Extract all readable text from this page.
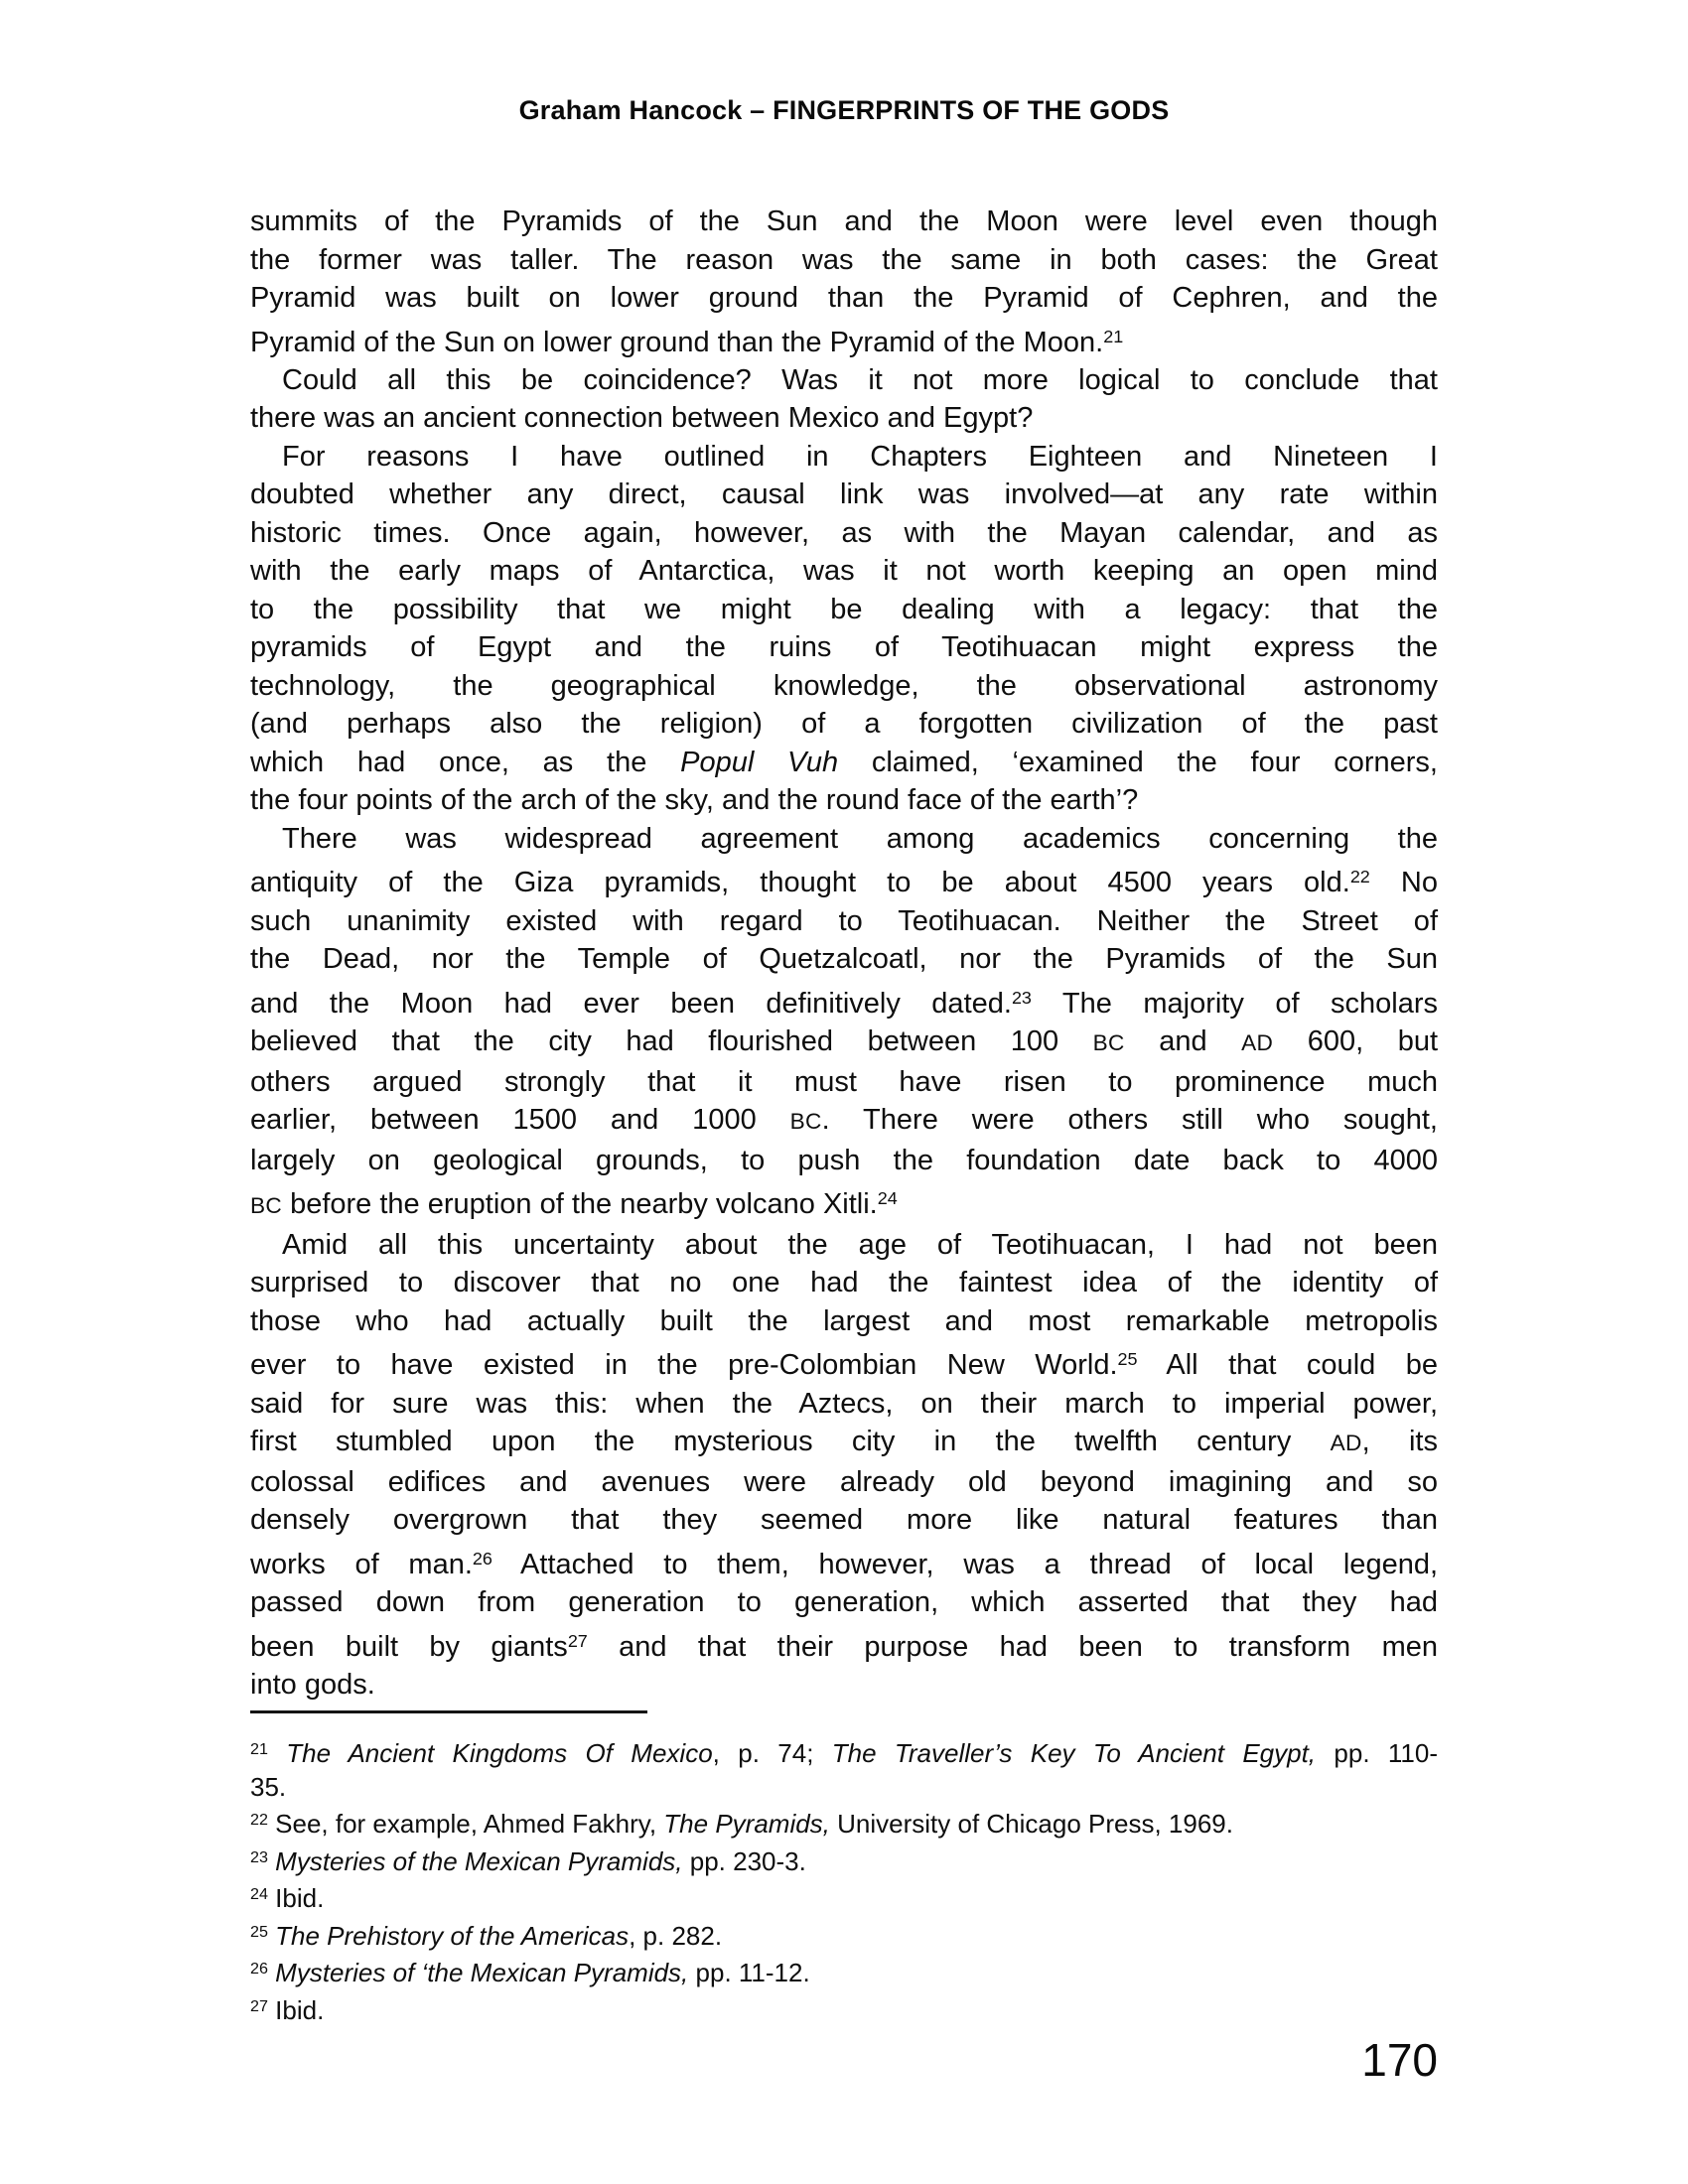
Graham Hancock – FINGERPRINTS OF THE GODS
summits of the Pyramids of the Sun and the Moon were level even though
the former was taller. The reason was the same in both cases: the Great
Pyramid was built on lower ground than the Pyramid of Cephren, and the
Pyramid of the Sun on lower ground than the Pyramid of the Moon.$^{21}$
Could all this be coincidence? Was it not more logical to conclude that
there was an ancient connection between Mexico and Egypt?
For reasons I have outlined in Chapters Eighteen and Nineteen I
doubted whether any direct, causal link was involved—at any rate within
historic times. Once again, however, as with the Mayan calendar, and as
with the early maps of Antarctica, was it not worth keeping an open mind
to the possibility that we might be dealing with a legacy: that the
pyramids of Egypt and the ruins of Teotihuacan might express the
technology, the geographical knowledge, the observational astronomy
(and perhaps also the religion) of a forgotten civilization of the past
which had once, as the Popul Vuh claimed, ‘examined the four corners,
the four points of the arch of the sky, and the round face of the earth’?
There was widespread agreement among academics concerning the
antiquity of the Giza pyramids, thought to be about 4500 years old.$^{22}$ No
such unanimity existed with regard to Teotihuacan. Neither the Street of
the Dead, nor the Temple of Quetzalcoatl, nor the Pyramids of the Sun
and the Moon had ever been definitively dated.$^{23}$ The majority of scholars
believed that the city had flourished between 100 BC and AD 600, but
others argued strongly that it must have risen to prominence much
earlier, between 1500 and 1000 BC. There were others still who sought,
largely on geological grounds, to push the foundation date back to 4000
BC before the eruption of the nearby volcano Xitli.$^{24}$
Amid all this uncertainty about the age of Teotihuacan, I had not been
surprised to discover that no one had the faintest idea of the identity of
those who had actually built the largest and most remarkable metropolis
ever to have existed in the pre-Colombian New World.$^{25}$ All that could be
said for sure was this: when the Aztecs, on their march to imperial power,
first stumbled upon the mysterious city in the twelfth century AD, its
colossal edifices and avenues were already old beyond imagining and so
densely overgrown that they seemed more like natural features than
works of man.$^{26}$ Attached to them, however, was a thread of local legend,
passed down from generation to generation, which asserted that they had
been built by giants$^{27}$ and that their purpose had been to transform men
into gods.
$^{21}$ The Ancient Kingdoms Of Mexico, p. 74; The Traveller’s Key To Ancient Egypt, pp. 110-
35.
$^{22}$ See, for example, Ahmed Fakhry, The Pyramids, University of Chicago Press, 1969.
$^{23}$ Mysteries of the Mexican Pyramids, pp. 230-3.
$^{24}$ Ibid.
$^{25}$ The Prehistory of the Americas, p. 282.
$^{26}$ Mysteries of ‘the Mexican Pyramids, pp. 11-12.
$^{27}$ Ibid.
170
